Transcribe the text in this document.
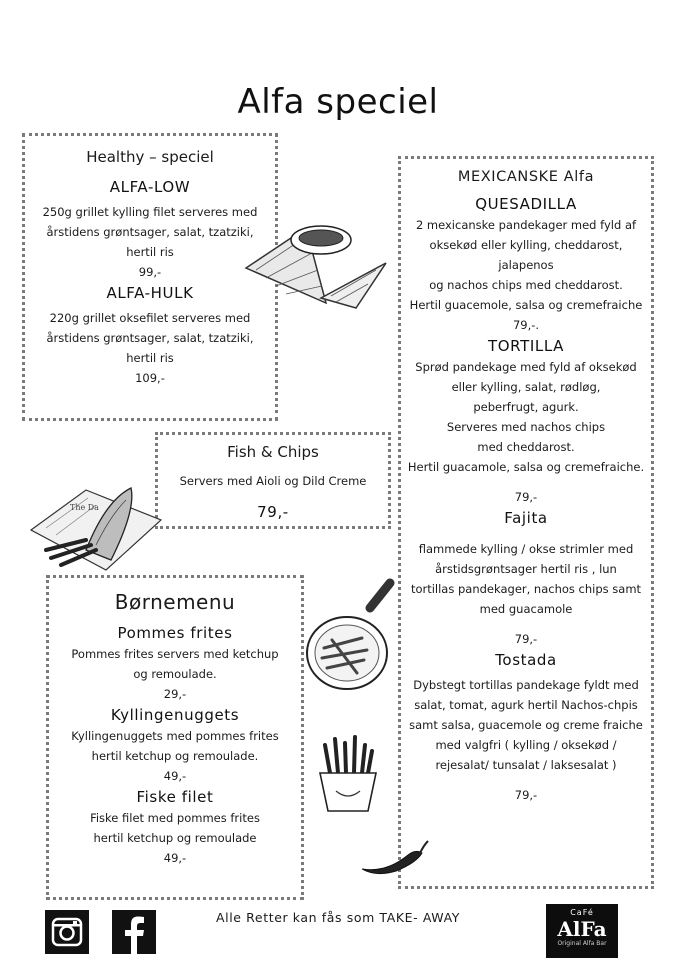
Alfa speciel
Healthy – speciel
ALFA-LOW
250g grillet kylling filet serveres med
årstidens grøntsager, salat, tzatziki,
hertil ris
99,-
ALFA-HULK
220g grillet oksefilet serveres med
årstidens grøntsager, salat, tzatziki,
hertil ris
109,-
MEXICANSKE Alfa
QUESADILLA
2 mexicanske pandekager med fyld af
oksekød eller kylling, cheddarost,
jalapenos
og nachos chips med cheddarost.
Hertil guacemole, salsa og cremefraiche
79,-.
TORTILLA
Sprød pandekage med fyld af oksekød
eller kylling, salat, rødløg,
peberfrugt, agurk.
Serveres med nachos chips
med cheddarost.
Hertil guacamole, salsa og cremefraiche.
79,-
Fajita
flammede kylling / okse strimler med
årstidsgrøntsager hertil ris , lun
tortillas pandekager, nachos chips samt
med guacamole
79,-
Tostada
Dybstegt tortillas pandekage fyldt med
salat, tomat, agurk hertil Nachos-chpis
samt salsa, guacemole og creme fraiche
med valgfri ( kylling / oksekød /
rejesalat/ tunsalat / laksesalat )
79,-
Fish & Chips
Servers med Aioli og Dild Creme
79,-
Børnemenu
Pommes frites
Pommes frites servers med ketchup
og remoulade.
29,-
Kyllingenuggets
Kyllingenuggets med pommes frites
hertil ketchup og remoulade.
49,-
Fiske filet
Fiske filet med pommes frites
hertil ketchup og remoulade
49,-
The Da
Alle Retter kan fås som TAKE- AWAY	CaFé
AlFa
Original Alfa Bar
